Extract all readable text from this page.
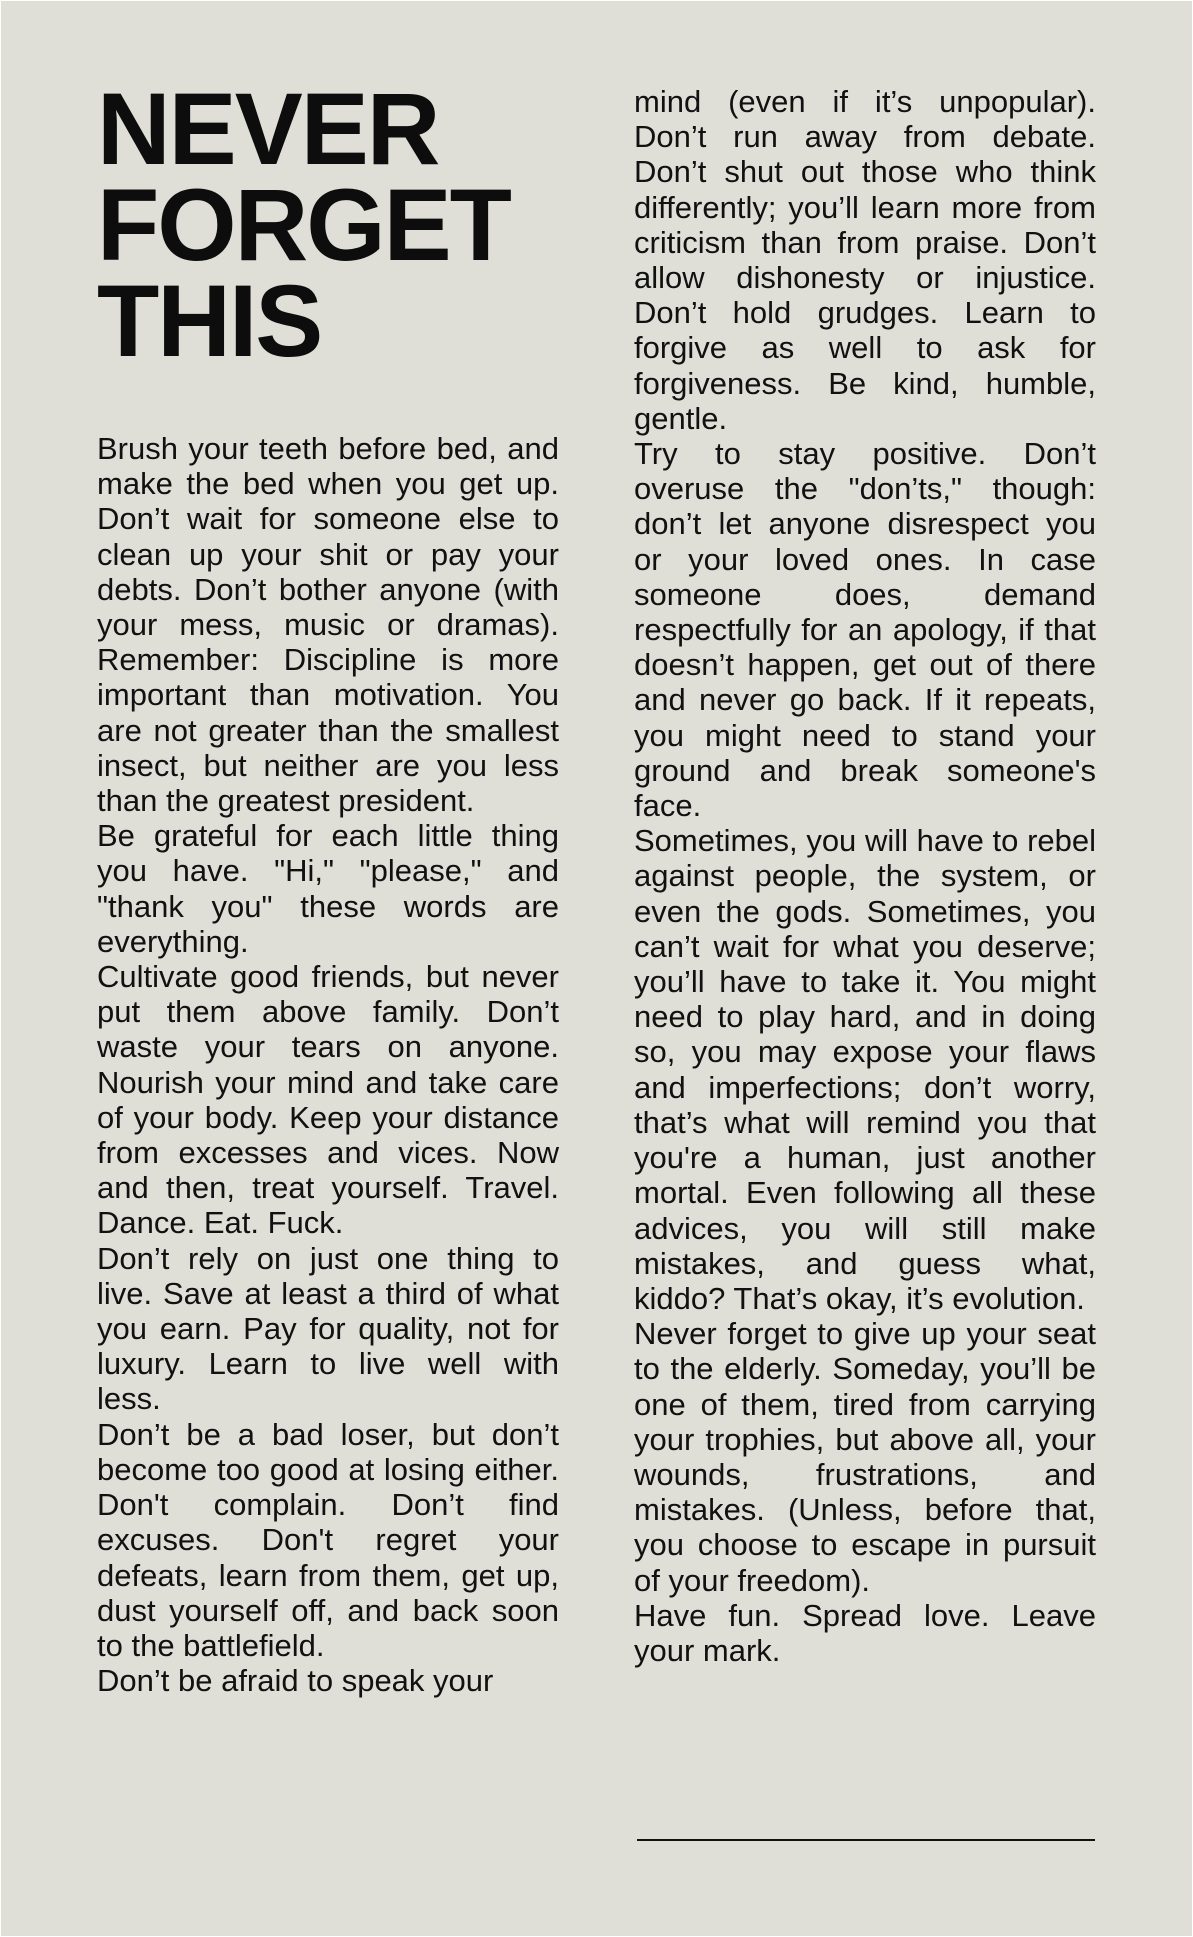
NEVER
FORGET
THIS

Brush your teeth before bed, and make the bed when you get up. Don’t wait for someone else to clean up your shit or pay your debts. Don’t bother anyone (with your mess, music or dramas). Remember: Discipline is more important than motivation. You are not greater than the smallest insect, but neither are you less than the greatest president.

Be grateful for each little thing you have. "Hi," "please," and "thank you" these words are everything.

Cultivate good friends, but never put them above family. Don’t waste your tears on anyone. Nourish your mind and take care of your body. Keep your distance from excesses and vices. Now and then, treat yourself. Travel. Dance. Eat. Fuck.

Don’t rely on just one thing to live. Save at least a third of what you earn. Pay for quality, not for luxury. Learn to live well with less.

Don’t be a bad loser, but don’t become too good at losing either. Don't complain. Don’t find excuses. Don't regret your defeats, learn from them, get up, dust yourself off, and back soon to the battlefield.

Don’t be afraid to speak your

mind (even if it’s unpopular). Don’t run away from debate. Don’t shut out those who think differently; you’ll learn more from criticism than from praise. Don’t allow dishonesty or injustice. Don’t hold grudges. Learn to forgive as well to ask for forgiveness. Be kind, humble, gentle.

Try to stay positive. Don’t overuse the "don’ts," though: don’t let anyone disrespect you or your loved ones. In case someone does, demand respectfully for an apology, if that doesn’t happen, get out of there and never go back. If it repeats, you might need to stand your ground and break someone's face.

Sometimes, you will have to rebel against people, the system, or even the gods. Sometimes, you can’t wait for what you deserve; you’ll have to take it. You might need to play hard, and in doing so, you may expose your flaws and imperfections; don’t worry, that’s what will remind you that you're a human, just another mortal. Even following all these advices, you will still make mistakes, and guess what, kiddo? That’s okay, it’s evolution.

Never forget to give up your seat to the elderly. Someday, you’ll be one of them, tired from carrying your trophies, but above all, your wounds, frustrations, and mistakes. (Unless, before that, you choose to escape in pursuit of your freedom).

Have fun. Spread love. Leave your mark.
